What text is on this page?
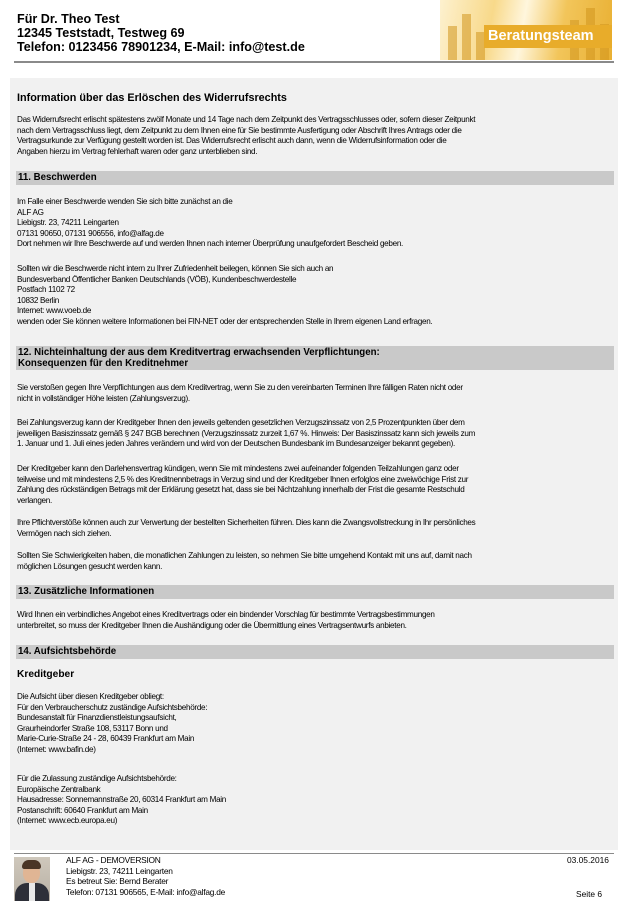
Für Dr. Theo Test
12345 Teststadt, Testweg 69
Telefon: 0123456 78901234, E-Mail: info@test.de
Beratungsteam
Information über das Erlöschen des Widerrufsrechts
Das Widerrufsrecht erlischt spätestens zwölf Monate und 14 Tage nach dem Zeitpunkt des Vertragsschlusses oder, sofern dieser Zeitpunkt
nach dem Vertragsschluss liegt, dem Zeitpunkt zu dem Ihnen eine für Sie bestimmte Ausfertigung oder Abschrift Ihres Antrags oder die
Vertragsurkunde zur Verfügung gestellt worden ist. Das Widerrufsrecht erlischt auch dann, wenn die Widerrufsinformation oder die
Angaben hierzu im Vertrag fehlerhaft waren oder ganz unterblieben sind.
11. Beschwerden
Im Falle einer Beschwerde wenden Sie sich bitte zunächst an die
ALF AG
Liebigstr. 23, 74211 Leingarten
07131 90650, 07131 906556, info@alfag.de
Dort nehmen wir Ihre Beschwerde auf und werden Ihnen nach interner Überprüfung unaufgefordert Bescheid geben.
Sollten wir die Beschwerde nicht intern zu Ihrer Zufriedenheit beilegen, können Sie sich auch an
Bundesverband Öffentlicher Banken Deutschlands (VÖB), Kundenbeschwerdestelle
Postfach 1102 72
10832 Berlin
Internet: www.voeb.de
wenden oder Sie können weitere Informationen bei FIN-NET oder der entsprechenden Stelle in Ihrem eigenen Land erfragen.
12. Nichteinhaltung der aus dem Kreditvertrag erwachsenden Verpflichtungen:
Konsequenzen für den Kreditnehmer
Sie verstoßen gegen Ihre Verpflichtungen aus dem Kreditvertrag, wenn Sie zu den vereinbarten Terminen Ihre fälligen Raten nicht oder
nicht in vollständiger Höhe leisten (Zahlungsverzug).
Bei Zahlungsverzug kann der Kreditgeber Ihnen den jeweils geltenden gesetzlichen Verzugszinssatz von 2,5 Prozentpunkten über dem
jeweiligen Basiszinssatz gemäß § 247 BGB berechnen (Verzugszinssatz zurzeit 1,67 %. Hinweis: Der Basiszinssatz kann sich jeweils zum
1. Januar und 1. Juli eines jeden Jahres verändern und wird von der Deutschen Bundesbank im Bundesanzeiger bekannt gegeben).
Der Kreditgeber kann den Darlehensvertrag kündigen, wenn Sie mit mindestens zwei aufeinander folgenden Teilzahlungen ganz oder
teilweise und mit mindestens 2,5 % des Kreditnennbetrags in Verzug sind und der Kreditgeber Ihnen erfolglos eine zweiwöchige Frist zur
Zahlung des rückständigen Betrags mit der Erklärung gesetzt hat, dass sie bei Nichtzahlung innerhalb der Frist die gesamte Restschuld
verlangen.
Ihre Pflichtverstöße können auch zur Verwertung der bestellten Sicherheiten führen. Dies kann die Zwangsvollstreckung in Ihr persönliches
Vermögen nach sich ziehen.
Sollten Sie Schwierigkeiten haben, die monatlichen Zahlungen zu leisten, so nehmen Sie bitte umgehend Kontakt mit uns auf, damit nach
möglichen Lösungen gesucht werden kann.
13. Zusätzliche Informationen
Wird Ihnen ein verbindliches Angebot eines Kreditvertrags oder ein bindender Vorschlag für bestimmte Vertragsbestimmungen
unterbreitet, so muss der Kreditgeber Ihnen die Aushändigung oder die Übermittlung eines Vertragsentwurfs anbieten.
14. Aufsichtsbehörde
Kreditgeber
Die Aufsicht über diesen Kreditgeber obliegt:
Für den Verbraucherschutz zuständige Aufsichtsbehörde:
Bundesanstalt für Finanzdienstleistungsaufsicht,
Graurheindorfer Straße 108, 53117 Bonn und
Marie-Curie-Straße 24 - 28, 60439 Frankfurt am Main
(Internet: www.bafin.de)
Für die Zulassung zuständige Aufsichtsbehörde:
Europäische Zentralbank
Hausadresse: Sonnemannstraße 20, 60314 Frankfurt am Main
Postanschrift: 60640 Frankfurt am Main
(Internet: www.ecb.europa.eu)
ALF AG - DEMOVERSION
Liebigstr. 23, 74211 Leingarten
Es betreut Sie: Bernd Berater
Telefon: 07131 906565, E-Mail: info@alfag.de
03.05.2016
Seite 6
